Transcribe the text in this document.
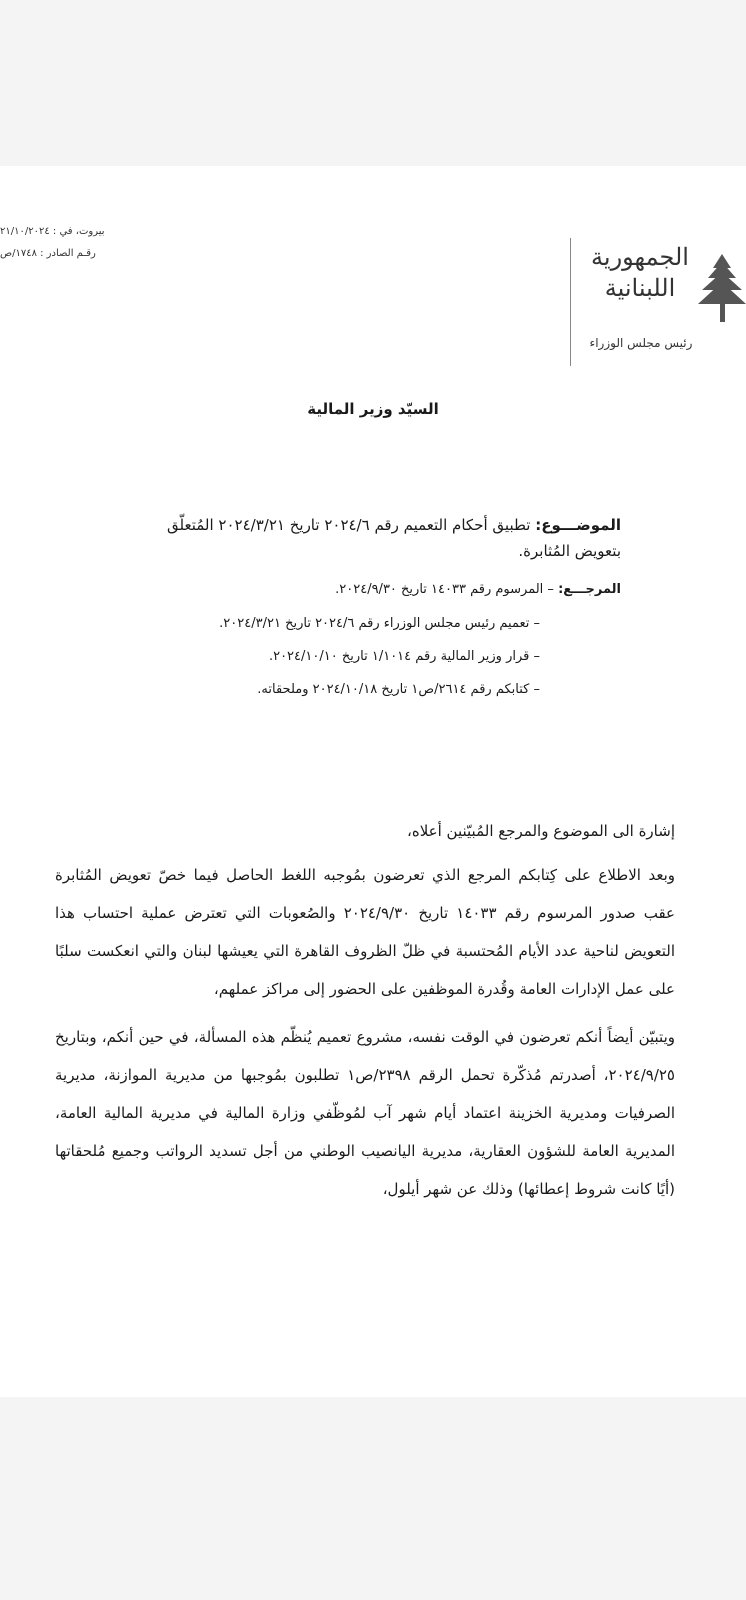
بيروت، في : ٢١/١٠/٢٠٢٤
رقـم الصادر : ١٧٤٨/ص	الجمهورية
اللبنانية
رئيس مجلس الوزراء
السيّد وزير المالية
الموضـــوع: تطبيق أحكام التعميم رقم ٢٠٢٤/٦ تاريخ ٢٠٢٤/٣/٢١ المُتعلّق
بتعويض المُثابرة.
المرجـــع: – المرسوم رقم ١٤٠٣٣ تاريخ ٢٠٢٤/٩/٣٠.
– تعميم رئيس مجلس الوزراء رقم ٢٠٢٤/٦ تاريخ ٢٠٢٤/٣/٢١.
– قرار وزير المالية رقم ١/١٠١٤ تاريخ ٢٠٢٤/١٠/١٠.
– كتابكم رقم ٢٦١٤/ص١ تاريخ ٢٠٢٤/١٠/١٨ وملحقاته.
إشارة الى الموضوع والمرجع المُبيّنين أعلاه،
وبعد الاطلاع على كِتابكم المرجع الذي تعرضون بمُوجبه اللغط الحاصل فيما خصّ تعويض المُثابرة عقب صدور المرسوم رقم ١٤٠٣٣ تاريخ ٢٠٢٤/٩/٣٠ والصُعوبات التي تعترض عملية احتساب هذا التعويض لناحية عدد الأيام المُحتسبة في ظلّ الظروف القاهرة التي يعيشها لبنان والتي انعكست سلبًا على عمل الإدارات العامة وقُدرة الموظفين على الحضور إلى مراكز عملهم،
ويتبيّن أيضاً أنكم تعرضون في الوقت نفسه، مشروع تعميم يُنظّم هذه المسألة، في حين أنكم، وبتاريخ ٢٠٢٤/٩/٢٥، أصدرتم مُذكّرة تحمل الرقم ٢٣٩٨/ص١ تطلبون بمُوجبها من مديرية الموازنة، مديرية الصرفيات ومديرية الخزينة اعتماد أيام شهر آب لمُوظّفي وزارة المالية في مديرية المالية العامة، المديرية العامة للشؤون العقارية، مديرية اليانصيب الوطني من أجل تسديد الرواتب وجميع مُلحقاتها (أيًا كانت شروط إعطائها) وذلك عن شهر أيلول،
